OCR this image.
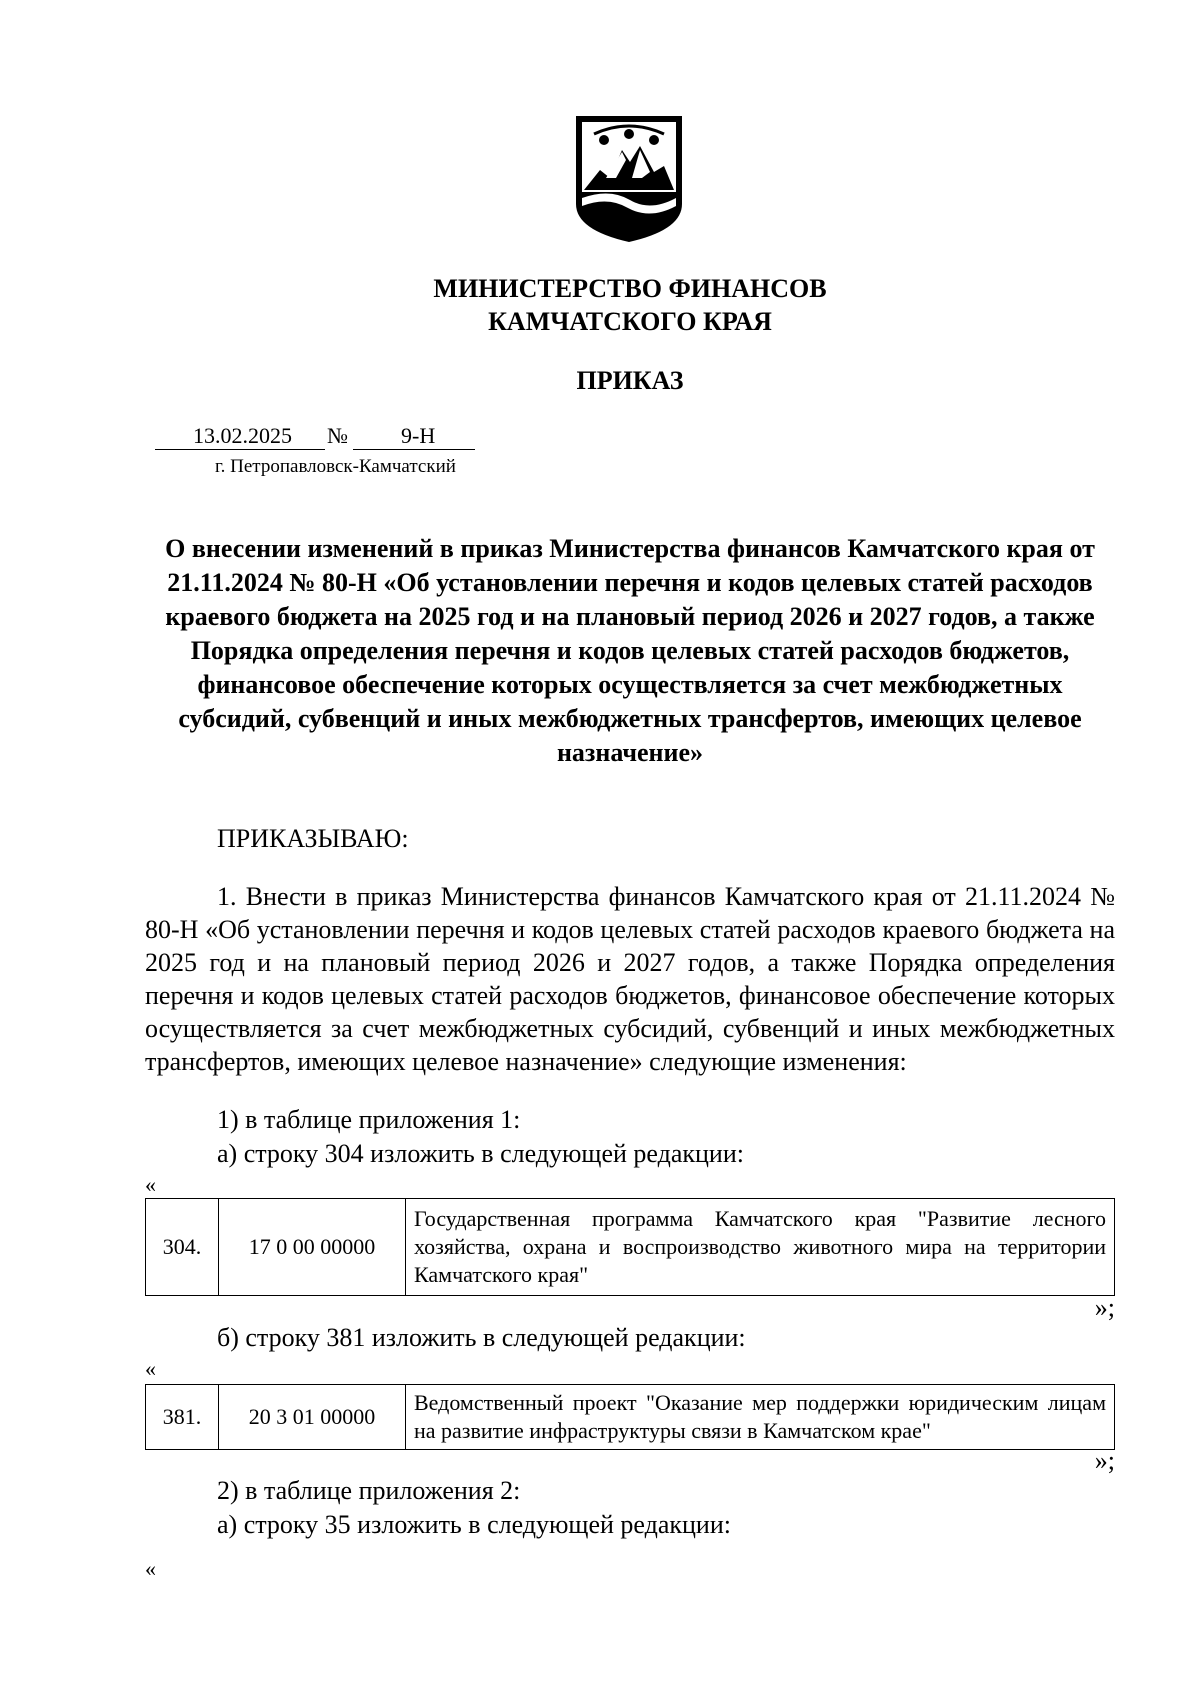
МИНИСТЕРСТВО ФИНАНСОВ
КАМЧАТСКОГО КРАЯ
ПРИКАЗ
13.02.2025 № 9-Н
г. Петропавловск-Камчатский
О внесении изменений в приказ Министерства финансов Камчатского края от 21.11.2024 № 80-Н «Об установлении перечня и кодов целевых статей расходов краевого бюджета на 2025 год и на плановый период 2026 и 2027 годов, а также Порядка определения перечня и кодов целевых статей расходов бюджетов, финансовое обеспечение которых осуществляется за счет межбюджетных субсидий, субвенций и иных межбюджетных трансфертов, имеющих целевое назначение»
ПРИКАЗЫВАЮ:

1. Внести в приказ Министерства финансов Камчатского края от 21.11.2024 № 80-Н «Об установлении перечня и кодов целевых статей расходов краевого бюджета на 2025 год и на плановый период 2026 и 2027 годов, а также Порядка определения перечня и кодов целевых статей расходов бюджетов, финансовое обеспечение которых осуществляется за счет межбюджетных субсидий, субвенций и иных межбюджетных трансфертов, имеющих целевое назначение» следующие изменения:

1) в таблице приложения 1:
а) строку 304 изложить в следующей редакции:
«
304.	17 0 00 00000	Государственная программа Камчатского края "Развитие лесного хозяйства, охрана и воспроизводство животного мира на территории Камчатского края"
»;
б) строку 381 изложить в следующей редакции:
«
381.	20 3 01 00000	Ведомственный проект "Оказание мер поддержки юридическим лицам на развитие инфраструктуры связи в Камчатском крае"
»;
2) в таблице приложения 2:
а) строку 35 изложить в следующей редакции:
«
